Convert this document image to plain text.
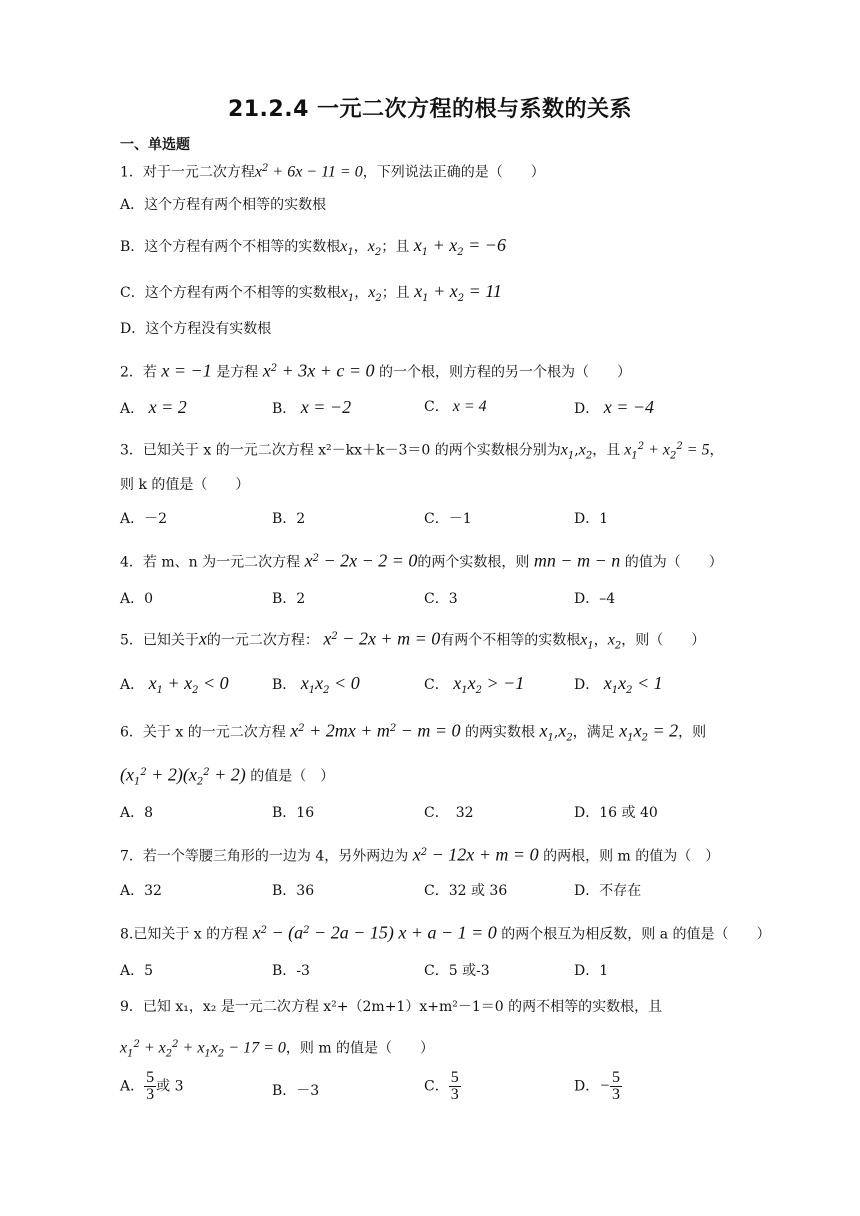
21.2.4 一元二次方程的根与系数的关系
一、单选题
1．对于一元二次方程$x^2 + 6x - 11 = 0$，下列说法正确的是（　　）
A．这个方程有两个相等的实数根
B．这个方程有两个不相等的实数根$x_1$，$x_2$；且 $x_1 + x_2 = -6$
C．这个方程有两个不相等的实数根$x_1$，$x_2$；且 $x_1 + x_2 = 11$
D．这个方程没有实数根
2．若 x = −1 是方程 $x^2 + 3x + c = 0$ 的一个根，则方程的另一个根为（　　）
A． x = 2	B． x = −2	C． x = 4	D． x = −4
3．已知关于 x 的一元二次方程 x²－kx＋k－3＝0 的两个实数根分别为$x_1,x_2$，且 $x_1^2 + x_2^2 = 5$，
则 k 的值是（　　）
A．－2	B．2	C．－1	D．1
4．若 m、n 为一元二次方程 $x^2 - 2x - 2 = 0$的两个实数根，则 mn − m − n 的值为（　　）
A．0	B．2	C．3	D．–4
5．已知关于x的一元二次方程： $x^2 - 2x + m = 0$有两个不相等的实数根$x_1$，$x_2$，则（　　）
A． $x_1 + x_2 < 0$	B． $x_1x_2 < 0$	C． $x_1x_2 > -1$	D． $x_1x_2 < 1$
6．关于 x 的一元二次方程 $x^2 + 2mx + m^2 - m = 0$ 的两实数根 $x_1,x_2$，满足 $x_1x_2 = 2$，则
$(x_1^2 + 2)(x_2^2 + 2)$ 的值是（　）
A．8	B．16	C．　32	D．16 或 40
7．若一个等腰三角形的一边为 4，另外两边为 $x^2 - 12x + m = 0$ 的两根，则 m 的值为（　）
A．32	B．36	C．32 或 36	D．不存在
8.已知关于 x 的方程 $x^2 - (a^2 - 2a - 15) x + a - 1 = 0$ 的两个根互为相反数，则 a 的值是（　　）
A．5	B．-3	C．5 或-3	D．1
9．已知 x₁，x₂ 是一元二次方程 x²+（2m+1）x+m²－1＝0 的两不相等的实数根，且
$x_1^2 + x_2^2 + x_1x_2 - 17 = 0$，则 m 的值是（　　）
A． $\frac{5}{3}$ 或 3	B．－3	C． $\frac{5}{3}$	D．− $\frac{5}{3}$
